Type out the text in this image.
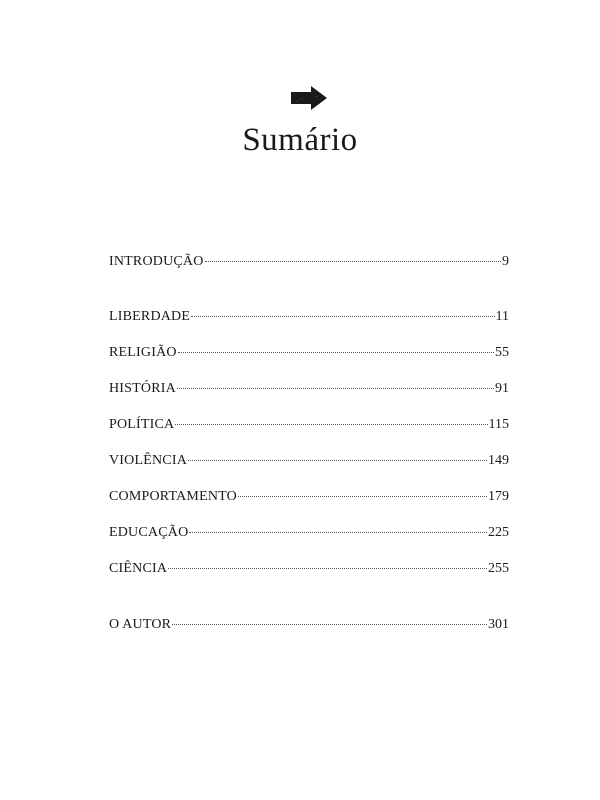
Sumário
INTRODUÇÃO	9
LIBERDADE	11
RELIGIÃO	55
HISTÓRIA	91
POLÍTICA	115
VIOLÊNCIA	149
COMPORTAMENTO	179
EDUCAÇÃO	225
CIÊNCIA	255
O AUTOR	301
